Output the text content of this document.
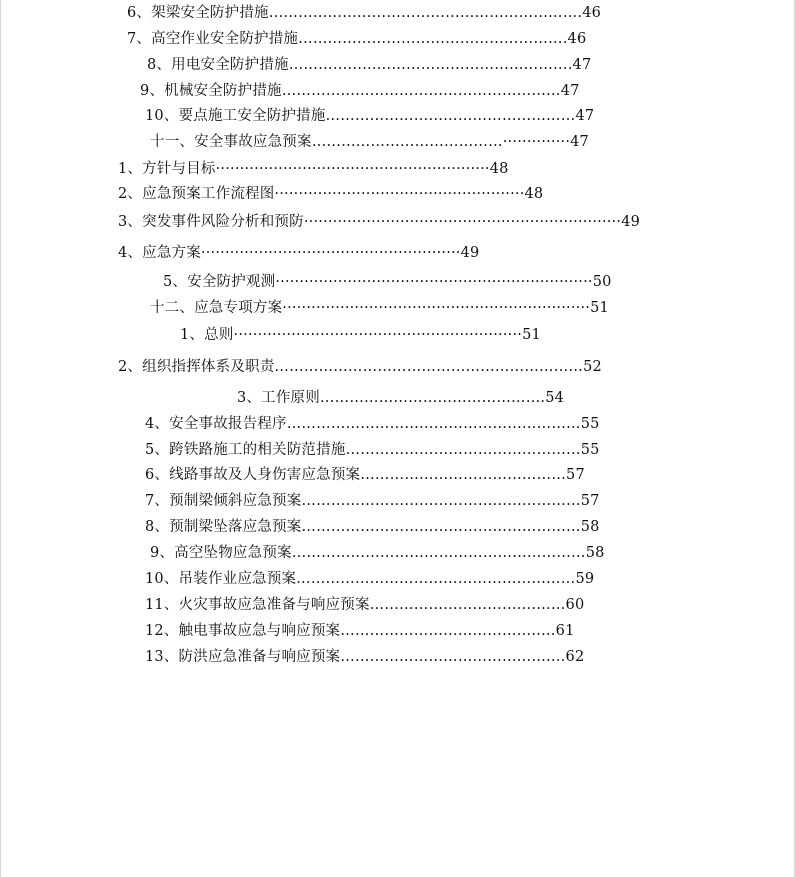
6、架梁安全防护措施……………………………………………………….46
7、高空作业安全防护措施……………………………………………….46
8、用电安全防护措施……………...………………………………….47
9、机械安全防护措施……………...…………………………………47
10、要点施工安全防护措施……………………………………………47
十一、安全事故应急预案…………………………………··············47
1、方针与目标·························································48
2、应急预案工作流程图····················································48
3、突发事件风险分析和预防··································································49
4、应急方案······················································49
5、安全防护观测··································································50
十二、应急专项方案································································51
1、总则····························································51
2、组织指挥体系及职责………………………………………………………52
3、工作原则……………………………………….54
4、安全事故报告程序……………………………………………………55
5、跨铁路施工的相关防范措施…………………………………………55
6、线路事故及人身伤害应急预案……………………………………57
7、预制梁倾斜应急预案…………………………………………………57
8、预制梁坠落应急预案…………………………………………………58
9、高空坠物应急预案……………………………………………………58
10、吊装作业应急预案…………………………………………………59
11、火灾事故应急准备与响应预案……………………………….…60
12、触电事故应急与响应预案…………………………………..…61
13、防洪应急准备与响应预案…………………………………….…62
